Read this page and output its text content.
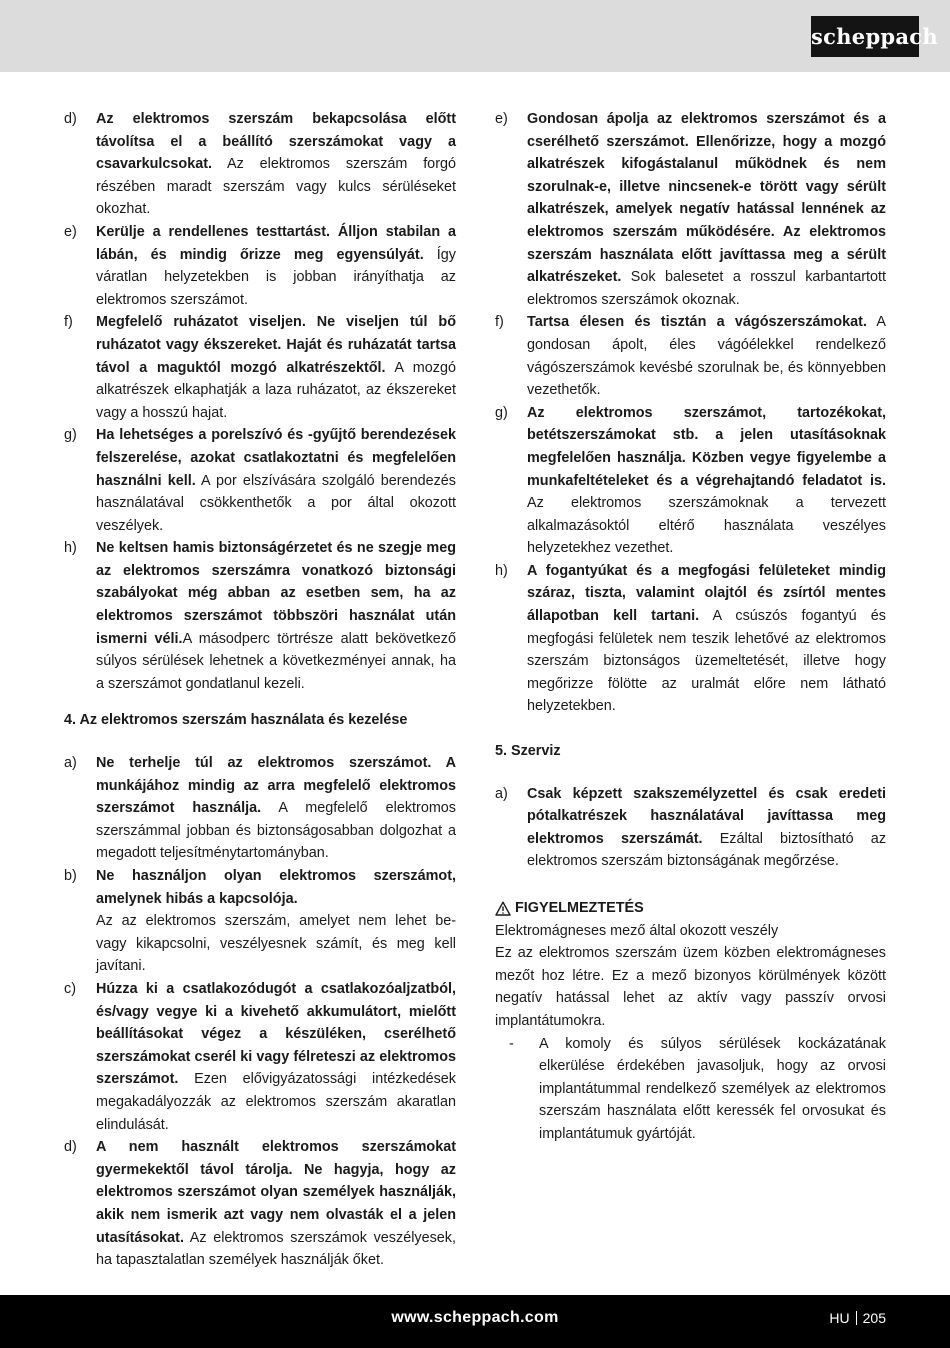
scheppach
d)	Az elektromos szerszám bekapcsolása előtt távolítsa el a beállító szerszámokat vagy a csavarkulcsokat. Az elektromos szerszám forgó részében maradt szerszám vagy kulcs sérüléseket okozhat.
e)	Kerülje a rendellenes testtartást. Álljon stabilan a lábán, és mindig őrizze meg egyensúlyát. Így váratlan helyzetekben is jobban irányíthatja az elektromos szerszámot.
f)	Megfelelő ruházatot viseljen. Ne viseljen túl bő ruházatot vagy ékszereket. Haját és ruházatát tartsa távol a maguktól mozgó alkatrészektől. A mozgó alkatrészek elkaphatják a laza ruházatot, az ékszereket vagy a hosszú hajat.
g)	Ha lehetséges a porelszívó és -gyűjtő berendezések felszerelése, azokat csatlakoztatni és megfelelően használni kell. A por elszívására szolgáló berendezés használatával csökkenthetők a por által okozott veszélyek.
h)	Ne keltsen hamis biztonságérzetet és ne szegje meg az elektromos szerszámra vonatkozó biztonsági szabályokat még abban az esetben sem, ha az elektromos szerszámot többszöri használat után ismerni véli.A másodperc törtrésze alatt bekövetkező súlyos sérülések lehetnek a következményei annak, ha a szerszámot gondatlanul kezeli.
4. Az elektromos szerszám használata és kezelése
a)	Ne terhelje túl az elektromos szerszámot. A munkájához mindig az arra megfelelő elektromos szerszámot használja. A megfelelő elektromos szerszámmal jobban és biztonságosabban dolgozhat a megadott teljesítménytartományban.
b)	Ne használjon olyan elektromos szerszámot, amelynek hibás a kapcsolója.
Az az elektromos szerszám, amelyet nem lehet be- vagy kikapcsolni, veszélyesnek számít, és meg kell javítani.
c)	Húzza ki a csatlakozódugót a csatlakozóaljzatból, és/vagy vegye ki a kivehető akkumulátort, mielőtt beállításokat végez a készüléken, cserélhető szerszámokat cserél ki vagy félreteszi az elektromos szerszámot. Ezen elővigyázatossági intézkedések megakadályozzák az elektromos szerszám akaratlan elindulását.
d)	A nem használt elektromos szerszámokat gyermekektől távol tárolja. Ne hagyja, hogy az elektromos szerszámot olyan személyek használják, akik nem ismerik azt vagy nem olvasták el a jelen utasításokat. Az elektromos szerszámok veszélyesek, ha tapasztalatlan személyek használják őket.
e)	Gondosan ápolja az elektromos szerszámot és a cserélhető szerszámot. Ellenőrizze, hogy a mozgó alkatrészek kifogástalanul működnek és nem szorulnak-e, illetve nincsenek-e törött vagy sérült alkatrészek, amelyek negatív hatással lennének az elektromos szerszám működésére. Az elektromos szerszám használata előtt javíttassa meg a sérült alkatrészeket. Sok balesetet a rosszul karbantartott elektromos szerszámok okoznak.
f)	Tartsa élesen és tisztán a vágószerszámokat. A gondosan ápolt, éles vágóélekkel rendelkező vágószerszámok kevésbé szorulnak be, és könnyebben vezethetők.
g)	Az elektromos szerszámot, tartozékokat, betétszerszámokat stb. a jelen utasításoknak megfelelően használja. Közben vegye figyelembe a munkafeltételeket és a végrehajtandó feladatot is. Az elektromos szerszámoknak a tervezett alkalmazásoktól eltérő használata veszélyes helyzetekhez vezethet.
h)	A fogantyúkat és a megfogási felületeket mindig száraz, tiszta, valamint olajtól és zsírtól mentes állapotban kell tartani. A csúszós fogantyú és megfogási felületek nem teszik lehetővé az elektromos szerszám biztonságos üzemeltetését, illetve hogy megőrizze fölötte az uralmát előre nem látható helyzetekben.
5. Szerviz
a)	Csak képzett szakszemélyzettel és csak eredeti pótalkatrészek használatával javíttassa meg elektromos szerszámát. Ezáltal biztosítható az elektromos szerszám biztonságának megőrzése.
FIGYELMEZTETÉS
Elektromágneses mező által okozott veszély
Ez az elektromos szerszám üzem közben elektromágneses mezőt hoz létre. Ez a mező bizonyos körülmények között negatív hatással lehet az aktív vagy passzív orvosi implantátumokra.
-	A komoly és súlyos sérülések kockázatának elkerülése érdekében javasoljuk, hogy az orvosi implantátummal rendelkező személyek az elektromos szerszám használata előtt keressék fel orvosukat és implantátumuk gyártóját.
www.scheppach.com	HU 205
